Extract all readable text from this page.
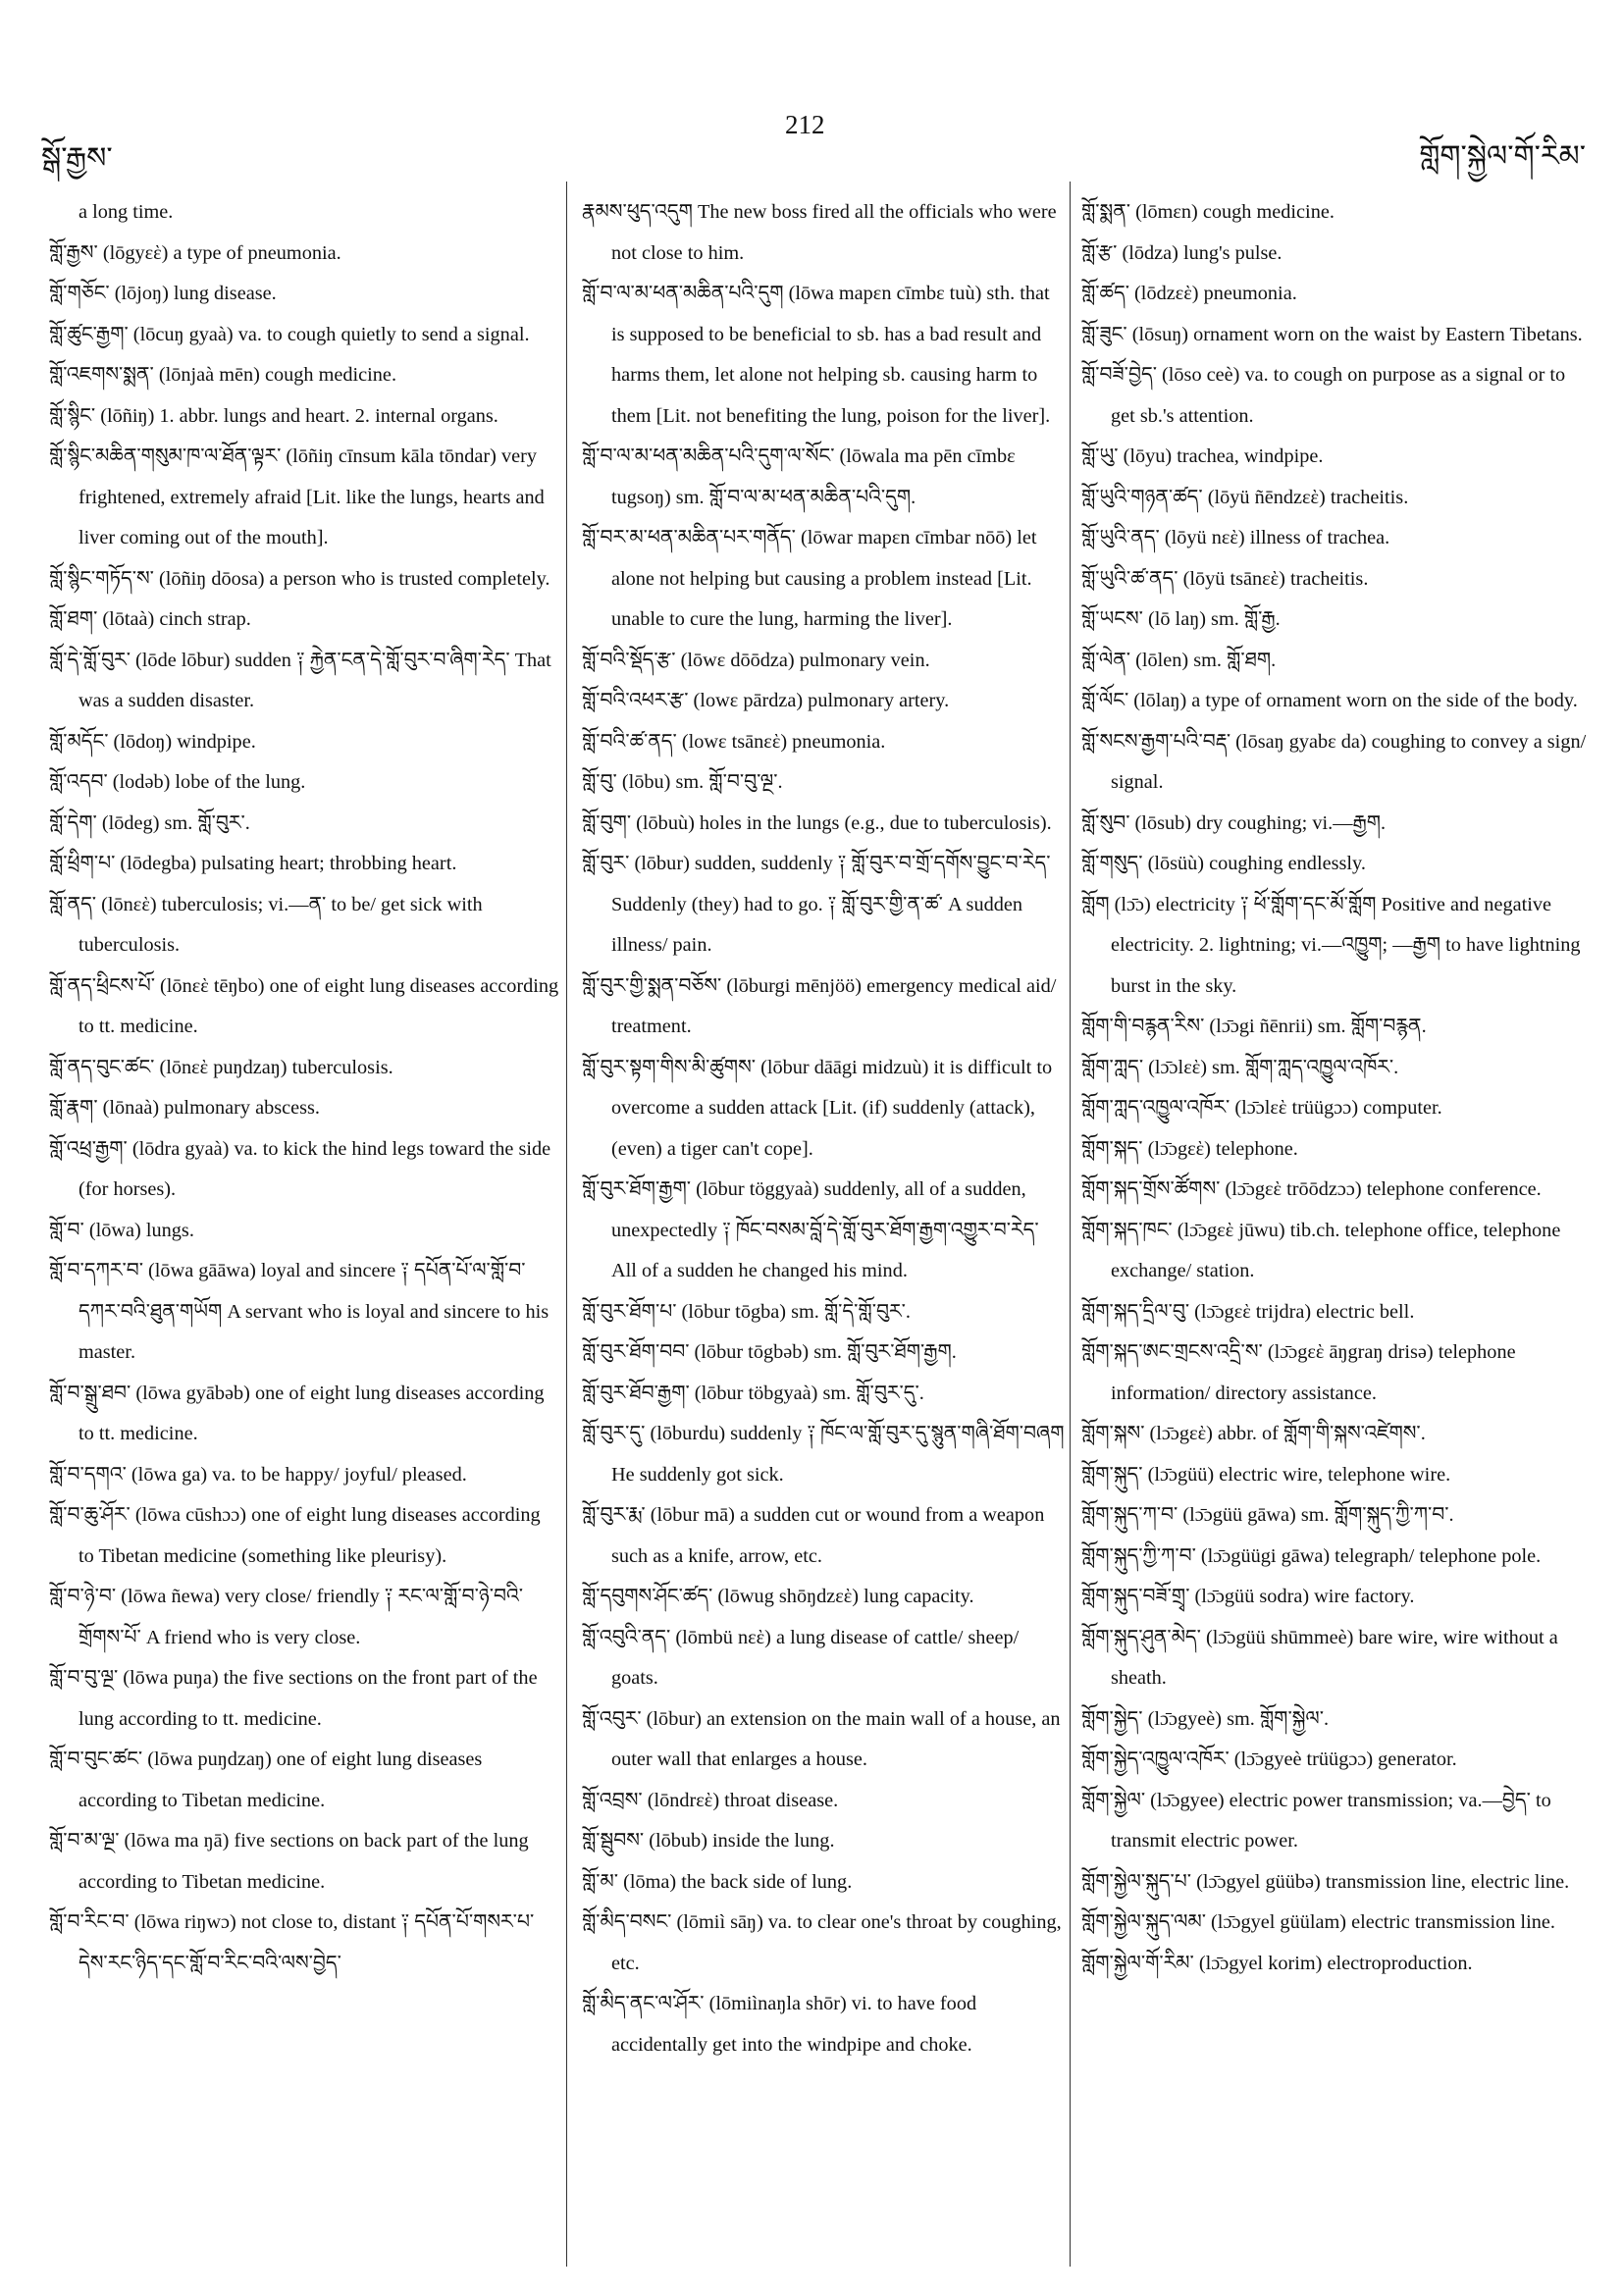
སྒོ་རྒྱས་
212
གློག་སྐྱེལ་གོ་རིམ་

a long time.

གློ་རྒྱས་ (lōgyεὲ) a type of pneumonia.

གློ་གཅོང་ (lōjoŋ) lung disease.

གློ་ཚུང་རྒྱག་ (lōcuŋ gyaà) va. to cough quietly to send a signal.

གློ་འཇགས་སྨན་ (lōnjaà mēn) cough medicine.

གློ་སྙིང་ (lōñiŋ) 1. abbr. lungs and heart. 2. internal organs.

གློ་སྙིང་མཆིན་གསུམ་ཁ་ལ་ཐོན་ལྟར་ (lōñiŋ cīnsum kāla tōndar) very frightened, extremely afraid [Lit. like the lungs, hearts and liver coming out of the mouth].

གློ་སྙིང་གཏོད་ས་ (lōñiŋ dōosa) a person who is trusted completely.

གློ་ཐག་ (lōtaà) cinch strap.

གློ་དེ་གློ་བུར་ (lōde lōbur) sudden ༑ རྐྱེན་ངན་དེ་གློ་བུར་བ་ཞིག་རེད་ That was a sudden disaster.

གློ་མདོང་ (lōdoŋ) windpipe.

གློ་འདབ་ (lodəb) lobe of the lung.

གློ་དེག་ (lōdeg) sm. གློ་བུར་.

གློ་ཕྲིག་པ་ (lōdegba) pulsating heart; throbbing heart.

གློ་ནད་ (lōnεὲ) tuberculosis; vi.—ན་ to be/ get sick with tuberculosis.

གློ་ནད་ཕྲིངས་པོ་ (lōnεὲ tēŋbo) one of eight lung diseases according to tt. medicine.

གློ་ནད་བུང་ཚང་ (lōnεὲ puŋdzaŋ) tuberculosis.

གློ་རྣག་ (lōnaà) pulmonary abscess.

གློ་འཕྲ་རྒྱག་ (lōdra gyaà) va. to kick the hind legs toward the side (for horses).

གློ་བ་ (lōwa) lungs.

གློ་བ་དཀར་བ་ (lōwa gāāwa) loyal and sincere ༑ དཔོན་པོ་ལ་གློ་བ་དཀར་བའི་ཐུན་གཡོག A servant who is loyal and sincere to his master.

གློ་བ་སྒྲུ་ཐབ་ (lōwa gyābəb) one of eight lung diseases according to tt. medicine.

གློ་བ་དགའ་ (lōwa ga) va. to be happy/ joyful/ pleased.

གློ་བ་ཆུ་ཤོར་ (lōwa cūshɔɔ) one of eight lung diseases according to Tibetan medicine (something like pleurisy).

གློ་བ་ཉེ་བ་ (lōwa ñewa) very close/ friendly ༑ རང་ལ་གློ་བ་ཉེ་བའི་གྲོགས་པོ་ A friend who is very close.

གློ་བ་བུ་ལྔ་ (lōwa puŋa) the five sections on the front part of the lung according to tt. medicine.

གློ་བ་བུང་ཚང་ (lōwa puŋdzaŋ) one of eight lung diseases according to Tibetan medicine.

གློ་བ་མ་ལྔ་ (lōwa ma ŋā) five sections on back part of the lung according to Tibetan medicine.

གློ་བ་རིང་བ་ (lōwa riŋwɔ) not close to, distant ༑ དཔོན་པོ་གསར་པ་དེས་རང་ཉིད་དང་གློ་བ་རིང་བའི་ལས་བྱེད་

རྣམས་ཕུད་འདུག The new boss fired all the officials who were not close to him.

གློ་བ་ལ་མ་ཕན་མཆིན་པའི་དུག (lōwa mapεn cīmbε tuù) sth. that is supposed to be beneficial to sb. has a bad result and harms them, let alone not helping sb. causing harm to them [Lit. not benefiting the lung, poison for the liver].

གློ་བ་ལ་མ་ཕན་མཆིན་པའི་དུག་ལ་སོང་ (lōwala ma pēn cīmbε tugsoŋ) sm. གློ་བ་ལ་མ་ཕན་མཆིན་པའི་དུག.

གློ་བར་མ་ཕན་མཆིན་པར་གནོད་ (lōwar mapεn cīmbar nōō) let alone not helping but causing a problem instead [Lit. unable to cure the lung, harming the liver].

གློ་བའི་སྡོད་རྩ་ (lōwε dōōdza) pulmonary vein.

གློ་བའི་འཕར་རྩ་ (lowε pārdza) pulmonary artery.

གློ་བའི་ཚ་ནད་ (lowε tsānεὲ) pneumonia.

གློ་བུ་ (lōbu) sm. གློ་བ་བུ་ལྔ་.

གློ་བུག་ (lōbuù) holes in the lungs (e.g., due to tuberculosis).

གློ་བུར་ (lōbur) sudden, suddenly ༑ གློ་བུར་བ་གྲོ་དགོས་བྱུང་བ་རེད་ Suddenly (they) had to go. ༑ གློ་བུར་གྱི་ན་ཚ་ A sudden illness/ pain.

གློ་བུར་གྱི་སྨན་བཅོས་ (lōburgi mēnjöö) emergency medical aid/ treatment.

གློ་བུར་སྟག་གིས་མི་ཚུགས་ (lōbur dāāgi midzuù) it is difficult to overcome a sudden attack [Lit. (if) suddenly (attack), (even) a tiger can't cope].

གློ་བུར་ཐོག་རྒྱག་ (lōbur töggyaà) suddenly, all of a sudden, unexpectedly ༑ ཁོང་བསམ་བློ་དེ་གློ་བུར་ཐོག་རྒྱག་འགྱུར་བ་རེད་ All of a sudden he changed his mind.

གློ་བུར་ཐོག་པ་ (lōbur tōgba) sm. གློ་དེ་གློ་བུར་.

གློ་བུར་ཐོག་བབ་ (lōbur tōgbəb) sm. གློ་བུར་ཐོག་རྒྱག.

གློ་བུར་ཐོབ་རྒྱག་ (lōbur töbgyaà) sm. གློ་བུར་དུ་.

གློ་བུར་དུ་ (lōburdu) suddenly ༑ ཁོང་ལ་གློ་བུར་དུ་སྙུན་གཞི་ཐོག་བཞག He suddenly got sick.

གློ་བུར་རྨ་ (lōbur mā) a sudden cut or wound from a weapon such as a knife, arrow, etc.

གློ་དབུགས་ཤོང་ཚད་ (lōwug shōŋdzεὲ) lung capacity.

གློ་འབུའི་ནད་ (lōmbü nεὲ) a lung disease of cattle/ sheep/ goats.

གློ་འབུར་ (lōbur) an extension on the main wall of a house, an outer wall that enlarges a house.

གློ་འབྲས་ (lōndrεὲ) throat disease.

གློ་སྦུབས་ (lōbub) inside the lung.

གློ་མ་ (lōma) the back side of lung.

གློ་མིད་བསང་ (lōmiì sāŋ) va. to clear one's throat by coughing, etc.

གློ་མིད་ནང་ལ་ཤོར་ (lōmiìnaŋla shōr) vi. to have food accidentally get into the windpipe and choke.

གློ་སྨན་ (lōmεn) cough medicine.

གློ་རྩ་ (lōdza) lung's pulse.

གློ་ཚད་ (lōdzεὲ) pneumonia.

གློ་ཟུང་ (lōsuŋ) ornament worn on the waist by Eastern Tibetans.

གློ་བཟོ་བྱེད་ (lōso ceè) va. to cough on purpose as a signal or to get sb.'s attention.

གློ་ཡུ་ (lōyu) trachea, windpipe.

གློ་ཡུའི་གཉན་ཚད་ (lōyü ñēndzεὲ) tracheitis.

གློ་ཡུའི་ནད་ (lōyü nεὲ) illness of trachea.

གློ་ཡུའི་ཚ་ནད་ (lōyü tsānεὲ) tracheitis.

གློ་ཡངས་ (lō laŋ) sm. གློ་རྒྱ.

གློ་ལེན་ (lōlen) sm. གློ་ཐག.

གློ་ལོང་ (lōlaŋ) a type of ornament worn on the side of the body.

གློ་སངས་རྒྱག་པའི་བརྡ་ (lōsaŋ gyabε da) coughing to convey a sign/ signal.

གློ་སུབ་ (lōsub) dry coughing; vi.—རྒྱག.

གློ་གསུད་ (lōsüù) coughing endlessly.

གློག (lɔ̄ɔ) electricity ༑ ཕོ་གློག་དང་མོ་གློག Positive and negative electricity. 2. lightning; vi.—འཁྱུག; —རྒྱག to have lightning burst in the sky.

གློག་གི་བརྙན་རིས་ (lɔ̄ɔgi ñēnrii) sm. གློག་བརྙན.

གློག་ཀླད་ (lɔ̄ɔlεὲ) sm. གློག་ཀླད་འཁྱུལ་འཁོར་.

གློག་ཀླད་འཁྱུལ་འཁོར་ (lɔ̄ɔlεὲ trüügɔɔ) computer.

གློག་སྐད་ (lɔ̄ɔgεὲ) telephone.

གློག་སྐད་གྲོས་ཚོགས་ (lɔ̄ɔgεὲ trōōdzɔɔ) telephone conference.

གློག་སྐད་ཁང་ (lɔ̄ɔgεὲ jūwu) tib.ch. telephone office, telephone exchange/ station.

གློག་སྐད་དྲིལ་བུ་ (lɔ̄ɔgεὲ trijdra) electric bell.

གློག་སྐད་ཨང་གྲངས་འདྲི་ས་ (lɔ̄ɔgεὲ āŋgraŋ drisə) telephone information/ directory assistance.

གློག་སྐས་ (lɔ̄ɔgεὲ) abbr. of གློག་གི་སྐས་འཛེགས་.

གློག་སྐུད་ (lɔ̄ɔgüü) electric wire, telephone wire.

གློག་སྐུད་ཀ་བ་ (lɔ̄ɔgüü gāwa) sm. གློག་སྐུད་ཀྱི་ཀ་བ་.

གློག་སྐུད་ཀྱི་ཀ་བ་ (lɔ̄ɔgüügi gāwa) telegraph/ telephone pole.

གློག་སྐུད་བཟོ་གྲྭ་ (lɔ̄ɔgüü sodra) wire factory.

གློག་སྐུད་ཤུན་མེད་ (lɔ̄ɔgüü shūmmeè) bare wire, wire without a sheath.

གློག་སྐྱེད་ (lɔ̄ɔgyeè) sm. གློག་སྐྱེལ་.

གློག་སྐྱེད་འཁྱུལ་འཁོར་ (lɔ̄ɔgyeè trüügɔɔ) generator.

གློག་སྐྱེལ་ (lɔ̄ɔgyee) electric power transmission; va.—བྱེད་ to transmit electric power.

གློག་སྐྱེལ་སྐུད་པ་ (lɔ̄ɔgyel güübə) transmission line, electric line.

གློག་སྐྱེལ་སྐུད་ལམ་ (lɔ̄ɔgyel güülam) electric transmission line.

གློག་སྐྱེལ་གོ་རིམ་ (lɔ̄ɔgyel korim) electroproduction.
